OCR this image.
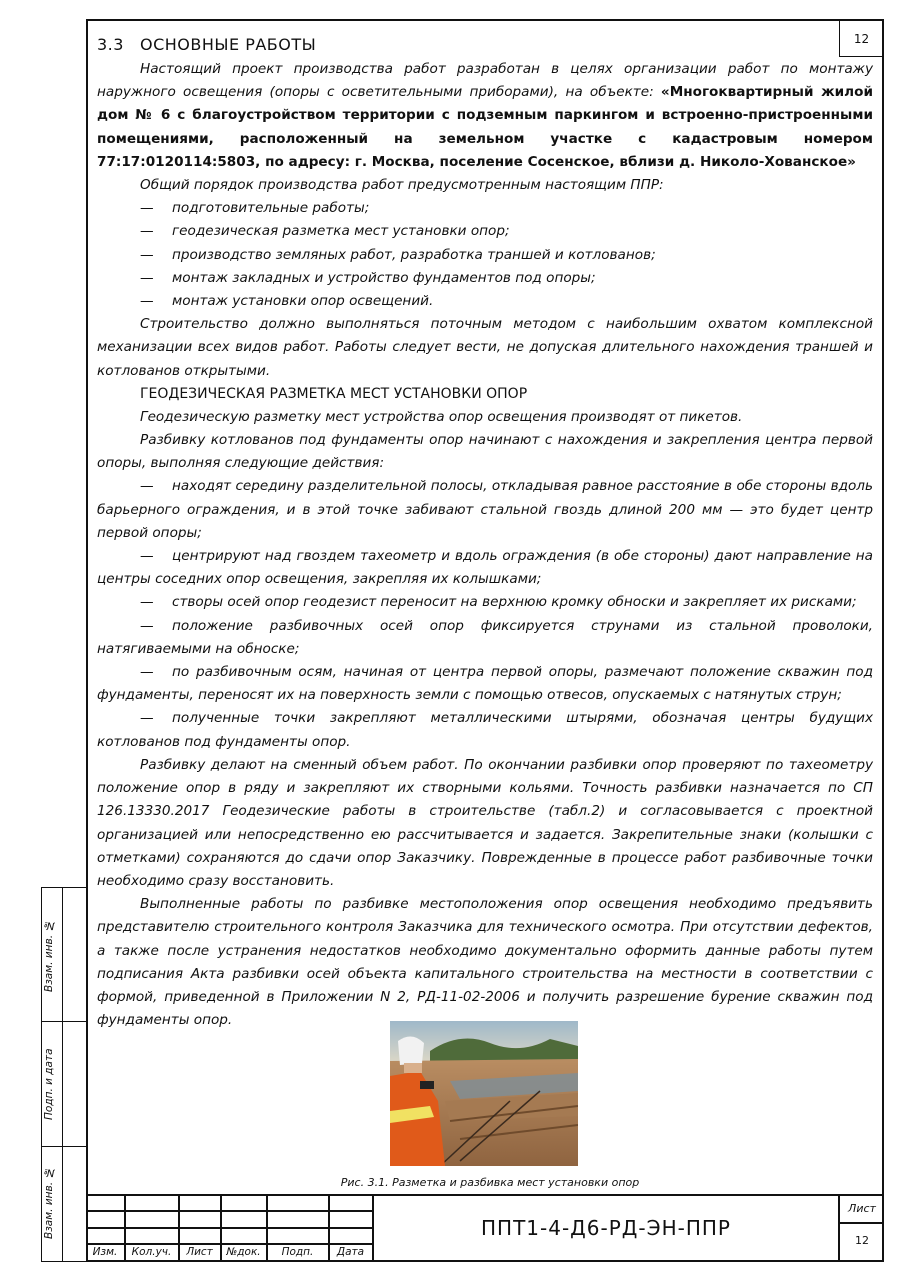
12

3.3 ОСНОВНЫЕ РАБОТЫ

Настоящий проект производства работ разработан в целях организации работ по монтажу наружного освещения (опоры с осветительными приборами), на объекте: «Многоквартирный жилой дом № 6 с благоустройством территории с подземным паркингом и встроенно-пристроенными помещениями, расположенный на земельном участке с кадастровым номером 77:17:0120114:5803, по адресу: г. Москва, поселение Сосенское, вблизи д. Николо-Хованское»

Общий порядок производства работ предусмотренным настоящим ППР:

— подготовительные работы;

— геодезическая разметка мест установки опор;

— производство земляных работ, разработка траншей и котлованов;

— монтаж закладных и устройство фундаментов под опоры;

— монтаж установки опор освещений.

Строительство должно выполняться поточным методом с наибольшим охватом комплексной механизации всех видов работ. Работы следует вести, не допуская длительного нахождения траншей и котлованов открытыми.

ГЕОДЕЗИЧЕСКАЯ РАЗМЕТКА МЕСТ УСТАНОВКИ ОПОР

Геодезическую разметку мест устройства опор освещения производят от пикетов.

Разбивку котлованов под фундаменты опор начинают с нахождения и закрепления центра первой опоры, выполняя следующие действия:

— находят середину разделительной полосы, откладывая равное расстояние в обе стороны вдоль барьерного ограждения, и в этой точке забивают стальной гвоздь длиной 200 мм — это будет центр первой опоры;

— центрируют над гвоздем тахеометр и вдоль ограждения (в обе стороны) дают направление на центры соседних опор освещения, закрепляя их колышками;

— створы осей опор геодезист переносит на верхнюю кромку обноски и закрепляет их рисками;

— положение разбивочных осей опор фиксируется струнами из стальной проволоки, натягиваемыми на обноске;

— по разбивочным осям, начиная от центра первой опоры, размечают положение скважин под фундаменты, переносят их на поверхность земли с помощью отвесов, опускаемых с натянутых струн;

— полученные точки закрепляют металлическими штырями, обозначая центры будущих котлованов под фундаменты опор.

Разбивку делают на сменный объем работ. По окончании разбивки опор проверяют по тахеометру положение опор в ряду и закрепляют их створными кольями. Точность разбивки назначается по СП 126.13330.2017 Геодезические работы в строительстве (табл.2) и согласовывается с проектной организацией или непосредственно ею рассчитывается и задается. Закрепительные знаки (колышки с отметками) сохраняются до сдачи опор Заказчику. Поврежденные в процессе работ разбивочные точки необходимо сразу восстановить.

Выполненные работы по разбивке местоположения опор освещения необходимо предъявить представителю строительного контроля Заказчика для технического осмотра. При отсутствии дефектов, а также после устранения недостатков необходимо документально оформить данные работы путем подписания Акта разбивки осей объекта капитального строительства на местности в соответствии с формой, приведенной в Приложении N 2, РД-11-02-2006 и получить разрешение бурение скважин под фундаменты опор.

Рис. 3.1. Разметка и разбивка мест установки опор
Взам. инв. №
Подп. и дата
Взам. инв. №
Изм.	Кол.уч.	Лист	№док.	Подп.	Дата
ППТ1-4-Д6-РД-ЭН-ППР
Лист
12
